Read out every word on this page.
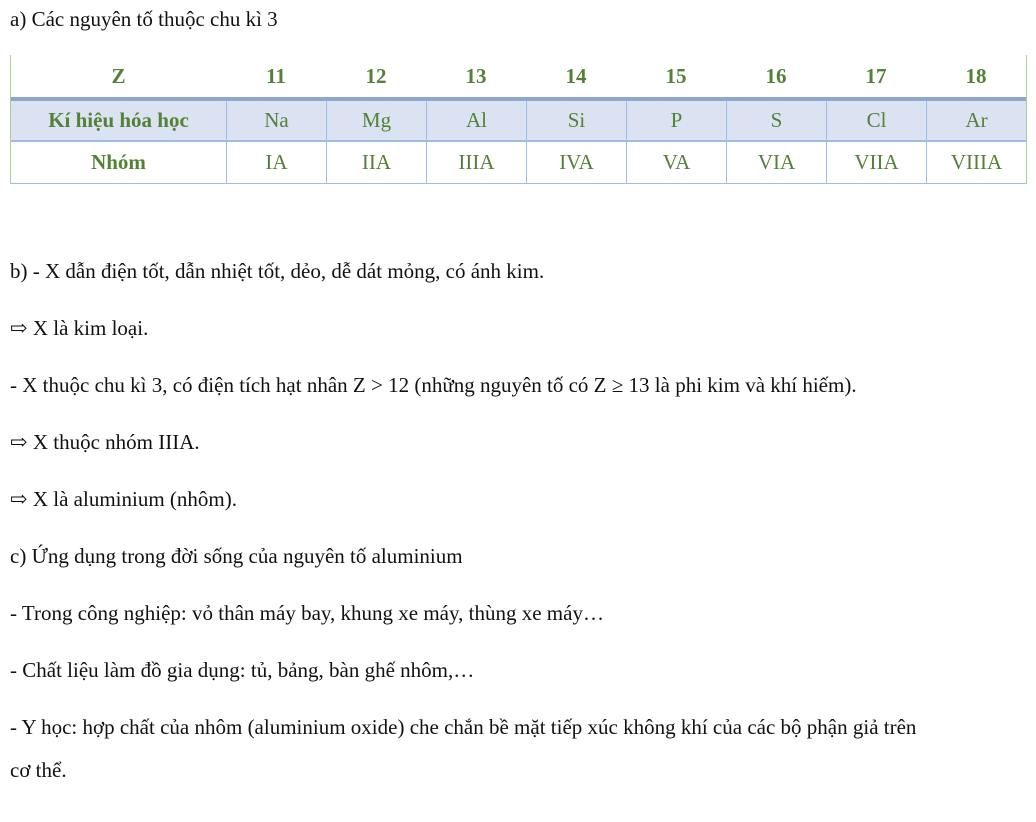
a) Các nguyên tố thuộc chu kì 3

Z	11	12	13	14	15	16	17	18
Kí hiệu hóa học	Na	Mg	Al	Si	P	S	Cl	Ar
Nhóm	IA	IIA	IIIA	IVA	VA	VIA	VIIA	VIIIA

b) - X dẫn điện tốt, dẫn nhiệt tốt, dẻo, dễ dát mỏng, có ánh kim.

⇨ X là kim loại.

- X thuộc chu kì 3, có điện tích hạt nhân Z > 12 (những nguyên tố có Z ≥ 13 là phi kim và khí hiếm).

⇨ X thuộc nhóm IIIA.

⇨ X là aluminium (nhôm).

c) Ứng dụng trong đời sống của nguyên tố aluminium

- Trong công nghiệp: vỏ thân máy bay, khung xe máy, thùng xe máy…

- Chất liệu làm đồ gia dụng: tủ, bảng, bàn ghế nhôm,…

- Y học: hợp chất của nhôm (aluminium oxide) che chắn bề mặt tiếp xúc không khí của các bộ phận giả trên cơ thể.
